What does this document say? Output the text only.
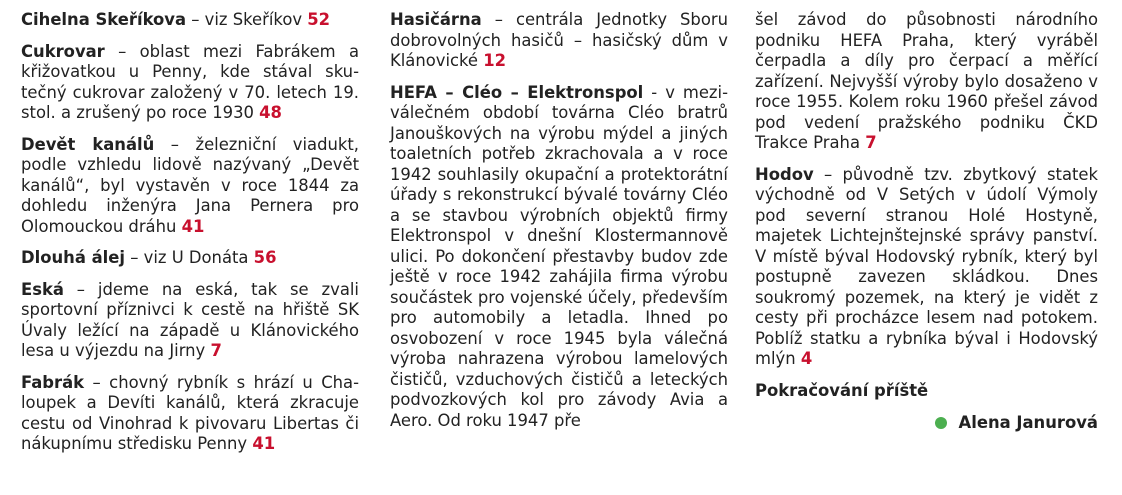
Cihelna Skeříkova – viz Skeříkov 52

Cukrovar – oblast mezi Fabrákem a křižovatkou u Penny, kde stával skutečný cukrovar založený v 70. letech 19. stol. a zrušený po roce 1930 48

Devět kanálů – železniční viadukt, podle vzhledu lidově nazývaný „Devět kanálů“, byl vystavěn v roce 1844 za dohledu inženýra Jana Pernera pro Olomouckou dráhu 41

Dlouhá álej – viz U Donáta 56

Eská – jdeme na eská, tak se zvali sportovní příznivci k cestě na hřiště SK Úvaly ležící na západě u Klánovického lesa u výjezdu na Jirny 7

Fabrák – chovný rybník s hrází u Chaloupek a Devíti kanálů, která zkracuje cestu od Vinohrad k pivovaru Libertas či nákupnímu středisku Penny 41

Hasičárna – centrála Jednotky Sboru dobrovolných hasičů – hasičský dům v Klánovické 12

HEFA – Cléo – Elektronspol - v meziválečném období továrna Cléo bratrů Janouškových na výrobu mýdel a jiných toaletních potřeb zkrachovala a v roce 1942 souhlasily okupační a protektorátní úřady s rekonstrukcí bývalé továrny Cléo a se stavbou výrobních objektů firmy Elektronspol v dnešní Klostermannově ulici. Po dokončení přestavby budov zde ještě v roce 1942 zahájila firma výrobu součástek pro vojenské účely, především pro automobily a letadla. Ihned po osvobození v roce 1945 byla válečná výroba nahrazena výrobou lamelových čističů, vzduchových čističů a leteckých podvozkových kol pro závody Avia a Aero. Od roku 1947 pře

šel závod do působnosti národního podniku HEFA Praha, který vyráběl čerpadla a díly pro čerpací a měřící zařízení. Nejvyšší výroby bylo dosaženo v roce 1955. Kolem roku 1960 přešel závod pod vedení pražského podniku ČKD Trakce Praha 7

Hodov – původně tzv. zbytkový statek východně od V Setých v údolí Výmoly pod severní stranou Holé Hostyně, majetek Lichtejnštejnské správy panství. V místě býval Hodovský rybník, který byl postupně zavezen skládkou. Dnes soukromý pozemek, na který je vidět z cesty při procházce lesem nad potokem. Poblíž statku a rybníka býval i Hodovský mlýn 4

Pokračování příště
Alena Janurová
